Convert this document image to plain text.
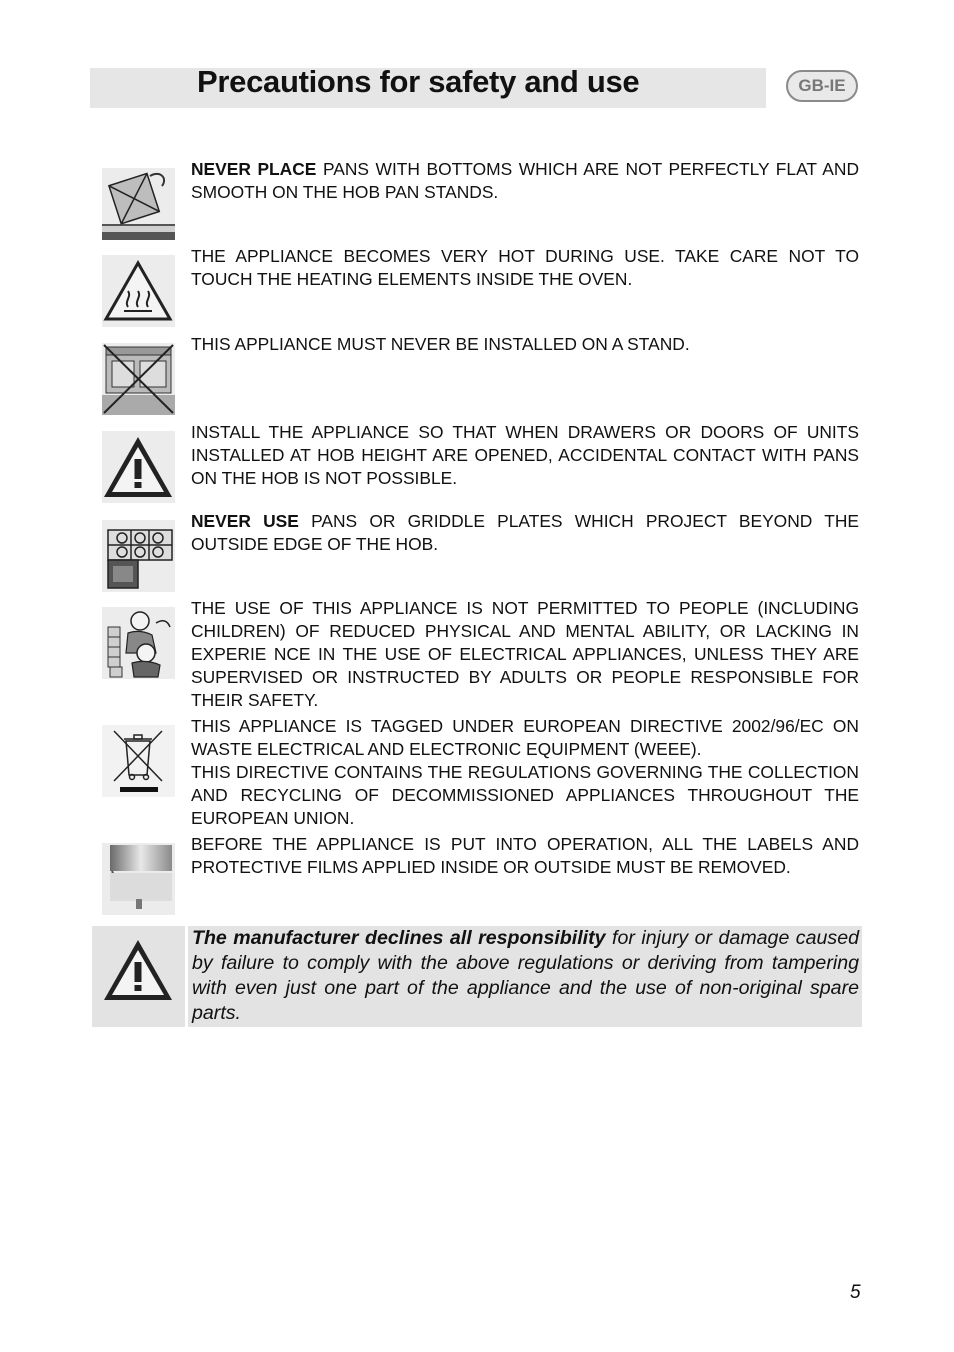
Precautions for safety and use	GB-IE

NEVER PLACE PANS WITH BOTTOMS WHICH ARE NOT PERFECTLY FLAT AND SMOOTH ON THE HOB PAN STANDS.

THE APPLIANCE BECOMES VERY HOT DURING USE. TAKE CARE NOT TO TOUCH THE HEATING ELEMENTS INSIDE THE OVEN.

THIS APPLIANCE MUST NEVER BE INSTALLED ON A STAND.

INSTALL THE APPLIANCE SO THAT WHEN DRAWERS OR DOORS OF UNITS INSTALLED AT HOB HEIGHT ARE OPENED, ACCIDENTAL CONTACT WITH PANS ON THE HOB IS NOT POSSIBLE.

NEVER USE PANS OR GRIDDLE PLATES WHICH PROJECT BEYOND THE OUTSIDE EDGE OF THE HOB.

THE USE OF THIS APPLIANCE IS NOT PERMITTED TO PEOPLE (INCLUDING CHILDREN) OF REDUCED PHYSICAL AND MENTAL ABILITY, OR LACKING IN EXPERIE NCE IN THE USE OF ELECTRICAL APPLIANCES, UNLESS THEY ARE SUPERVISED OR INSTRUCTED BY ADULTS OR PEOPLE RESPONSIBLE FOR THEIR SAFETY.

THIS APPLIANCE IS TAGGED UNDER EUROPEAN DIRECTIVE 2002/96/EC ON WASTE ELECTRICAL AND ELECTRONIC EQUIPMENT (WEEE).

THIS DIRECTIVE CONTAINS THE REGULATIONS GOVERNING THE COLLECTION AND RECYCLING OF DECOMMISSIONED APPLIANCES THROUGHOUT THE EUROPEAN UNION.

BEFORE THE APPLIANCE IS PUT INTO OPERATION, ALL THE LABELS AND PROTECTIVE FILMS APPLIED INSIDE OR OUTSIDE MUST BE REMOVED.

The manufacturer declines all responsibility for injury or damage caused by failure to comply with the above regulations or deriving from tampering with even just one part of the appliance and the use of non-original spare parts.

5
